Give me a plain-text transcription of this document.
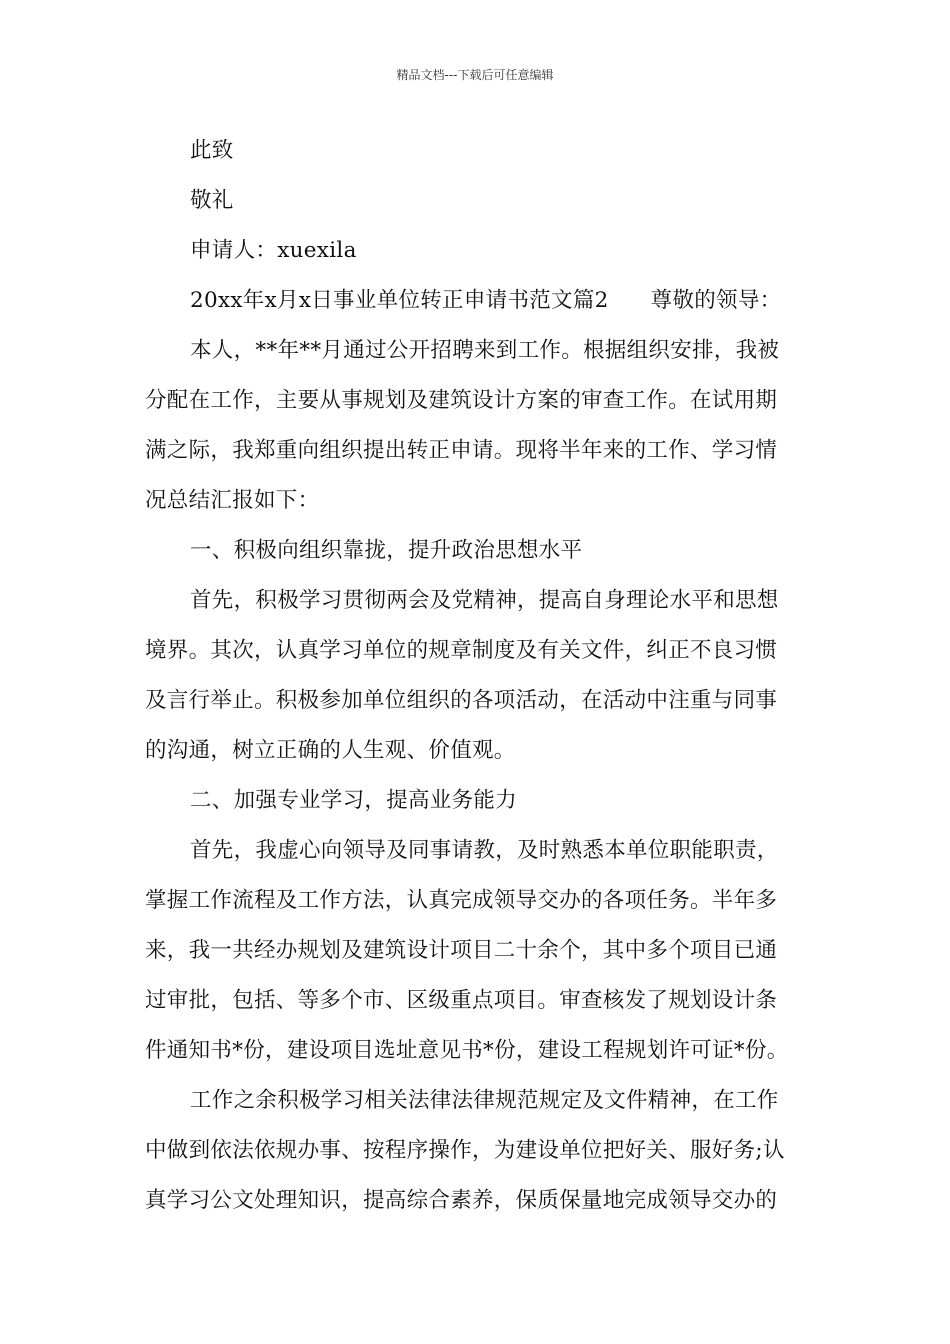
精品文档---下载后可任意编辑
此致
敬礼
申请人：xuexila
20xx年x月x日事业单位转正申请书范文篇2 尊敬的领导：
本人，**年**月通过公开招聘来到工作。根据组织安排，我被
分配在工作，主要从事规划及建筑设计方案的审查工作。在试用期
满之际，我郑重向组织提出转正申请。现将半年来的工作、学习情
况总结汇报如下：
一、积极向组织靠拢，提升政治思想水平
首先，积极学习贯彻两会及党精神，提高自身理论水平和思想
境界。其次，认真学习单位的规章制度及有关文件，纠正不良习惯
及言行举止。积极参加单位组织的各项活动，在活动中注重与同事
的沟通，树立正确的人生观、价值观。
二、加强专业学习，提高业务能力
首先，我虚心向领导及同事请教，及时熟悉本单位职能职责，
掌握工作流程及工作方法，认真完成领导交办的各项任务。半年多
来，我一共经办规划及建筑设计项目二十余个，其中多个项目已通
过审批，包括、等多个市、区级重点项目。审查核发了规划设计条
件通知书*份，建设项目选址意见书*份，建设工程规划许可证*份。
工作之余积极学习相关法律法律规范规定及文件精神，在工作
中做到依法依规办事、按程序操作，为建设单位把好关、服好务;认
真学习公文处理知识，提高综合素养，保质保量地完成领导交办的
